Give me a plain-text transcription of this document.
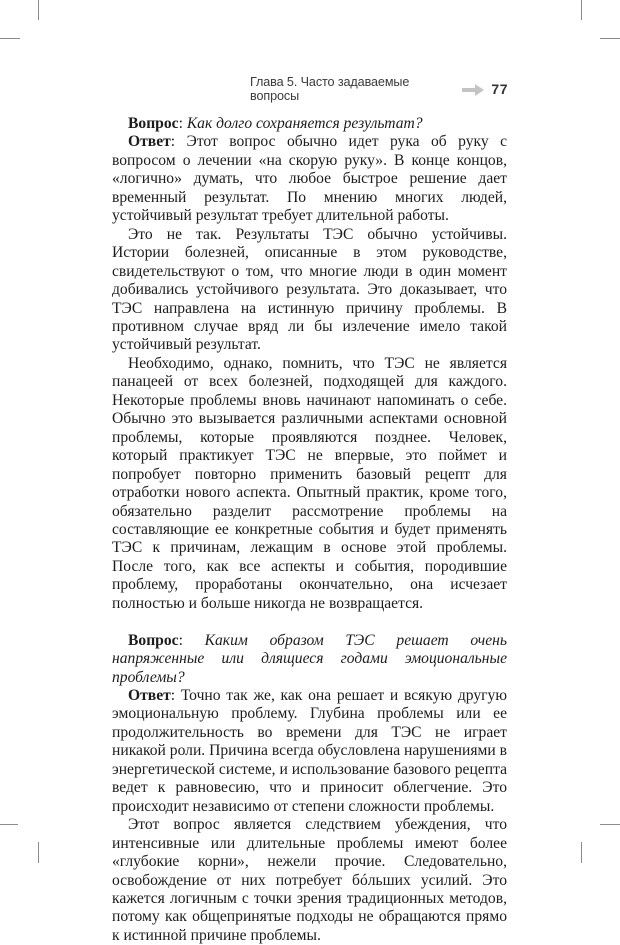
Глава 5. Часто задаваемые вопросы	77

Вопрос: Как долго сохраняется результат?

Ответ: Этот вопрос обычно идет рука об руку с вопросом о лечении «на скорую руку». В конце концов, «логично» думать, что любое быстрое решение дает временный результат. По мнению многих людей, устойчивый результат требует длительной работы.

Это не так. Результаты ТЭС обычно устойчивы. Истории болезней, описанные в этом руководстве, свидетельствуют о том, что многие люди в один момент добивались устойчивого результата. Это доказывает, что ТЭС направлена на истинную причину проблемы. В противном случае вряд ли бы излечение имело такой устойчивый результат.

Необходимо, однако, помнить, что ТЭС не является панацеей от всех болезней, подходящей для каждого. Некоторые проблемы вновь начинают напоминать о себе. Обычно это вызывается различными аспектами основной проблемы, которые проявляются позднее. Человек, который практикует ТЭС не впервые, это поймет и попробует повторно применить базовый рецепт для отработки нового аспекта. Опытный практик, кроме того, обязательно разделит рассмотрение проблемы на составляющие ее конкретные события и будет применять ТЭС к причинам, лежащим в основе этой проблемы. После того, как все аспекты и события, породившие проблему, проработаны окончательно, она исчезает полностью и больше никогда не возвращается.

Вопрос: Каким образом ТЭС решает очень напряженные или длящиеся годами эмоциональные проблемы?

Ответ: Точно так же, как она решает и всякую другую эмоциональную проблему. Глубина проблемы или ее продолжительность во времени для ТЭС не играет никакой роли. Причина всегда обусловлена нарушениями в энергетической системе, и использование базового рецепта ведет к равновесию, что и приносит облегчение. Это происходит независимо от степени сложности проблемы.

Этот вопрос является следствием убеждения, что интенсивные или длительные проблемы имеют более «глубокие корни», нежели прочие. Следовательно, освобождение от них потребует бóльших усилий. Это кажется логичным с точки зрения традиционных методов, потому как общепринятые подходы не обращаются прямо к истинной причине проблемы.
